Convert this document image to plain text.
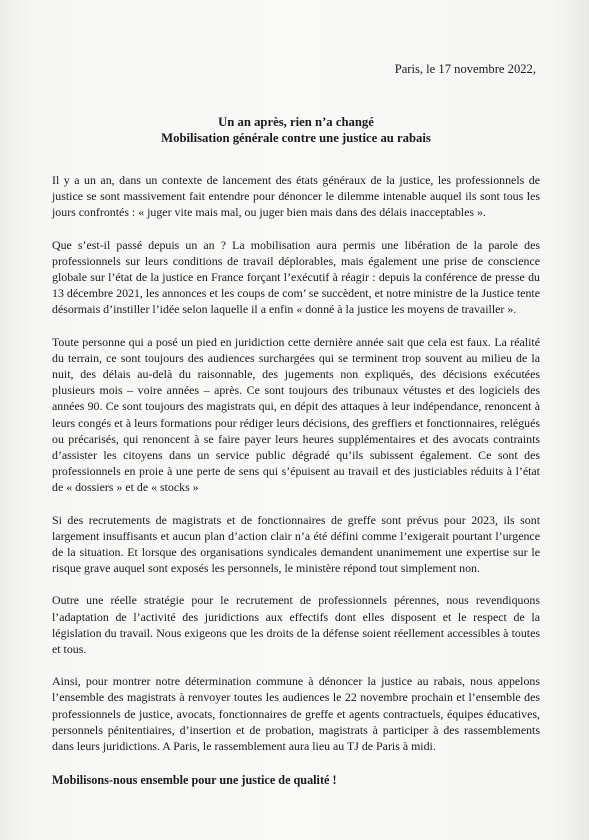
Paris, le 17 novembre 2022,
Un an après, rien n’a changé
Mobilisation générale contre une justice au rabais

Il y a un an, dans un contexte de lancement des états généraux de la justice, les professionnels de justice se sont massivement fait entendre pour dénoncer le dilemme intenable auquel ils sont tous les jours confrontés : « juger vite mais mal, ou juger bien mais dans des délais inacceptables ».

Que s’est-il passé depuis un an ? La mobilisation aura permis une libération de la parole des professionnels sur leurs conditions de travail déplorables, mais également une prise de conscience globale sur l’état de la justice en France forçant l’exécutif à réagir : depuis la conférence de presse du 13 décembre 2021, les annonces et les coups de com’ se succèdent, et notre ministre de la Justice tente désormais d’instiller l’idée selon laquelle il a enfin « donné à la justice les moyens de travailler ».

Toute personne qui a posé un pied en juridiction cette dernière année sait que cela est faux. La réalité du terrain, ce sont toujours des audiences surchargées qui se terminent trop souvent au milieu de la nuit, des délais au-delà du raisonnable, des jugements non expliqués, des décisions exécutées plusieurs mois – voire années – après. Ce sont toujours des tribunaux vétustes et des logiciels des années 90. Ce sont toujours des magistrats qui, en dépit des attaques à leur indépendance, renoncent à leurs congés et à leurs formations pour rédiger leurs décisions, des greffiers et fonctionnaires, relégués ou précarisés, qui renoncent à se faire payer leurs heures supplémentaires et des avocats contraints d’assister les citoyens dans un service public dégradé qu’ils subissent également. Ce sont des professionnels en proie à une perte de sens qui s’épuisent au travail et des justiciables réduits à l’état de « dossiers » et de « stocks »

Si des recrutements de magistrats et de fonctionnaires de greffe sont prévus pour 2023, ils sont largement insuffisants et aucun plan d’action clair n’a été défini comme l’exigerait pourtant l’urgence de la situation. Et lorsque des organisations syndicales demandent unanimement une expertise sur le risque grave auquel sont exposés les personnels, le ministère répond tout simplement non.

Outre une réelle stratégie pour le recrutement de professionnels pérennes, nous revendiquons l’adaptation de l’activité des juridictions aux effectifs dont elles disposent et le respect de la législation du travail. Nous exigeons que les droits de la défense soient réellement accessibles à toutes et tous.

Ainsi, pour montrer notre détermination commune à dénoncer la justice au rabais, nous appelons l’ensemble des magistrats à renvoyer toutes les audiences le 22 novembre prochain et l’ensemble des professionnels de justice, avocats, fonctionnaires de greffe et agents contractuels, équipes éducatives, personnels pénitentiaires, d’insertion et de probation, magistrats à participer à des rassemblements dans leurs juridictions. A Paris, le rassemblement aura lieu au TJ de Paris à midi.

Mobilisons-nous ensemble pour une justice de qualité !
